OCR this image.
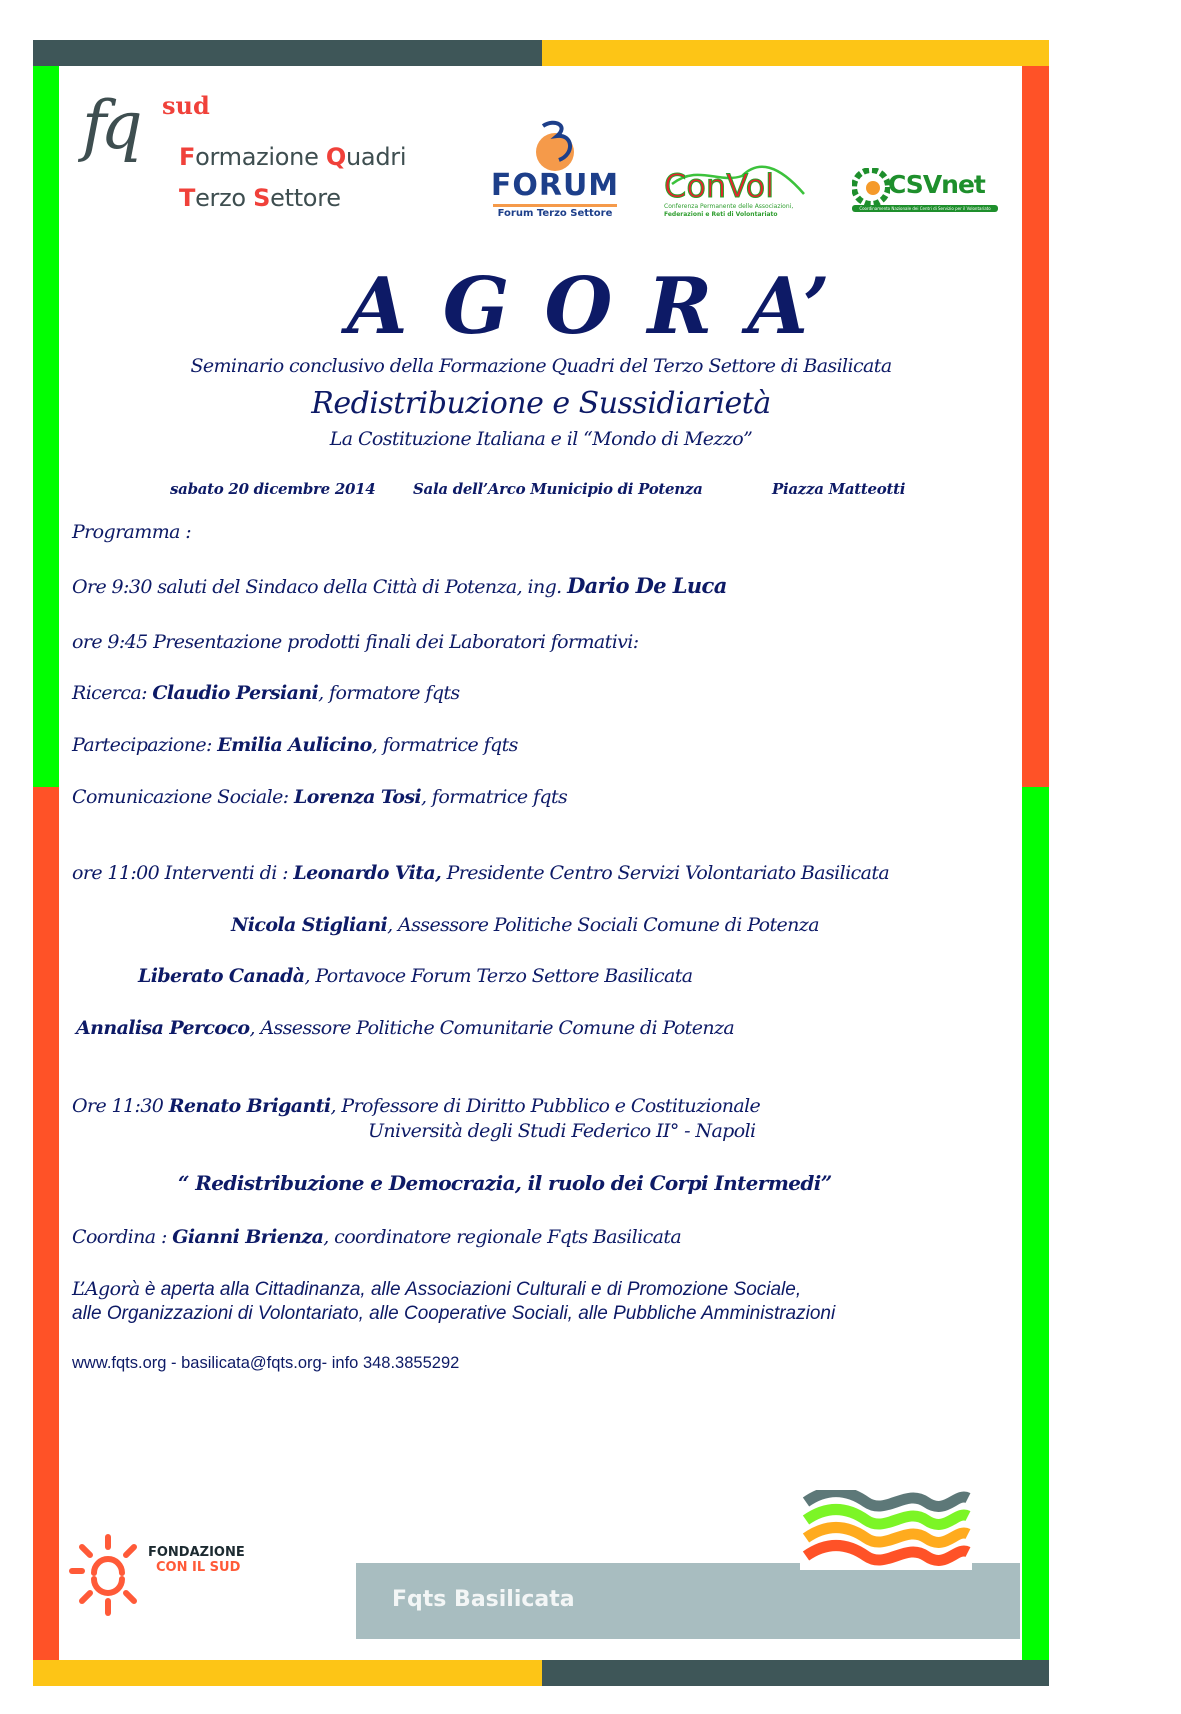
fq sud
Formazione Quadri
Terzo Settore	FORUM
Forum Terzo Settore
ConVol
Conferenza Permanente delle Associazioni,
Federazioni e Reti di Volontariato
CSVnet
Coordinamento Nazionale dei Centri di Servizio per il Volontariato
A G O R A’
Seminario conclusivo della Formazione Quadri del Terzo Settore di Basilicata
Redistribuzione e Sussidiarietà
La Costituzione Italiana e il “Mondo di Mezzo”
sabato 20 dicembre 2014	Sala dell’Arco Municipio di Potenza	Piazza Matteotti
Programma :
Ore 9:30 saluti del Sindaco della Città di Potenza, ing. Dario De Luca
ore 9:45 Presentazione prodotti finali dei Laboratori formativi:
Ricerca: Claudio Persiani, formatore fqts
Partecipazione: Emilia Aulicino, formatrice fqts
Comunicazione Sociale: Lorenza Tosi, formatrice fqts
ore 11:00 Interventi di : Leonardo Vita, Presidente Centro Servizi Volontariato Basilicata
Nicola Stigliani, Assessore Politiche Sociali Comune di Potenza
Liberato Canadà, Portavoce Forum Terzo Settore Basilicata
Annalisa Percoco, Assessore Politiche Comunitarie Comune di Potenza
Ore 11:30 Renato Briganti, Professore di Diritto Pubblico e Costituzionale
Università degli Studi Federico II° - Napoli
“ Redistribuzione e Democrazia, il ruolo dei Corpi Intermedi”
Coordina : Gianni Brienza, coordinatore regionale Fqts Basilicata
L’Agorà è aperta alla Cittadinanza, alle Associazioni Culturali e di Promozione Sociale,
alle Organizzazioni di Volontariato, alle Cooperative Sociali, alle Pubbliche Amministrazioni
www.fqts.org - basilicata@fqts.org- info 348.3855292
FONDAZIONE
CON IL SUD
Fqts Basilicata
